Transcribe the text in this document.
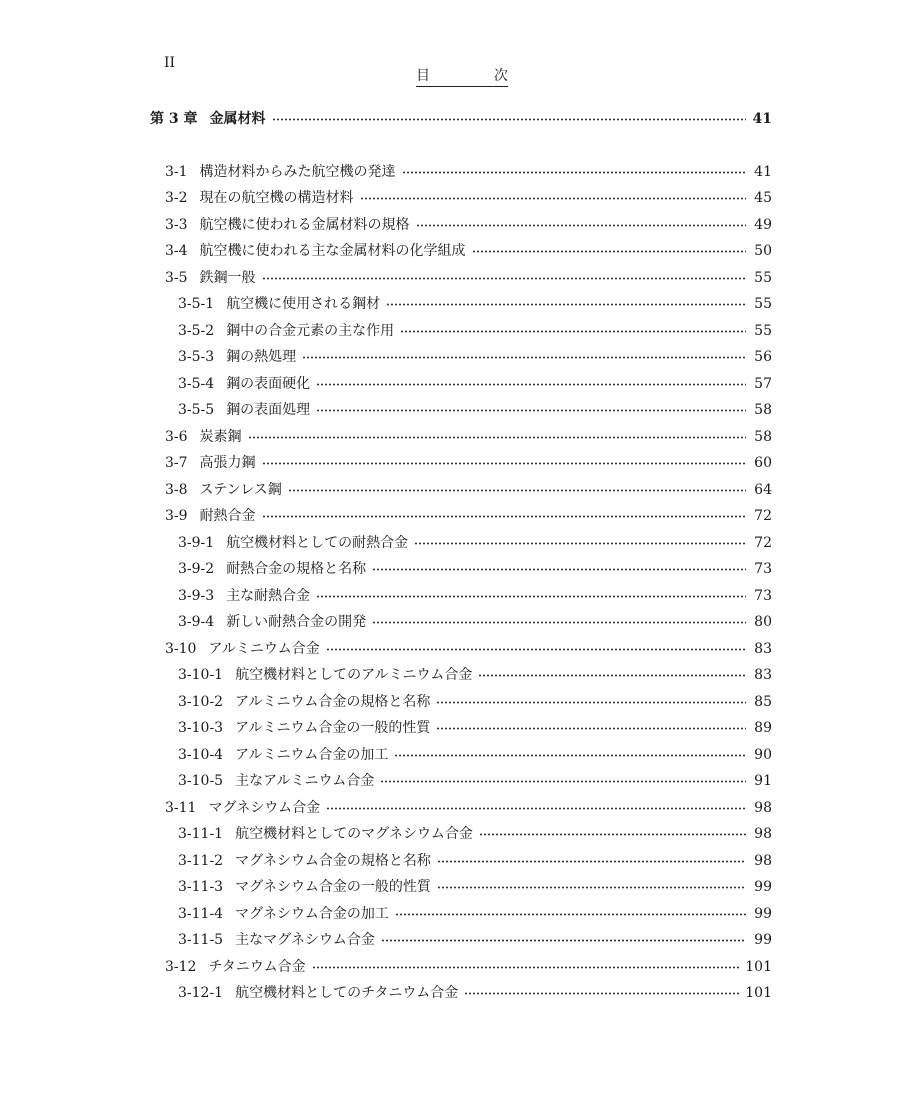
II
目	次
第 3 章 金属材料	41
3-1 構造材料からみた航空機の発達	41
3-2 現在の航空機の構造材料	45
3-3 航空機に使われる金属材料の規格	49
3-4 航空機に使われる主な金属材料の化学組成	50
3-5 鉄鋼一般	55
3-5-1 航空機に使用される鋼材	55
3-5-2 鋼中の合金元素の主な作用	55
3-5-3 鋼の熱処理	56
3-5-4 鋼の表面硬化	57
3-5-5 鋼の表面処理	58
3-6 炭素鋼	58
3-7 高張力鋼	60
3-8 ステンレス鋼	64
3-9 耐熱合金	72
3-9-1 航空機材料としての耐熱合金	72
3-9-2 耐熱合金の規格と名称	73
3-9-3 主な耐熱合金	73
3-9-4 新しい耐熱合金の開発	80
3-10 アルミニウム合金	83
3-10-1 航空機材料としてのアルミニウム合金	83
3-10-2 アルミニウム合金の規格と名称	85
3-10-3 アルミニウム合金の一般的性質	89
3-10-4 アルミニウム合金の加工	90
3-10-5 主なアルミニウム合金	91
3-11 マグネシウム合金	98
3-11-1 航空機材料としてのマグネシウム合金	98
3-11-2 マグネシウム合金の規格と名称	98
3-11-3 マグネシウム合金の一般的性質	99
3-11-4 マグネシウム合金の加工	99
3-11-5 主なマグネシウム合金	99
3-12 チタニウム合金	101
3-12-1 航空機材料としてのチタニウム合金	101
